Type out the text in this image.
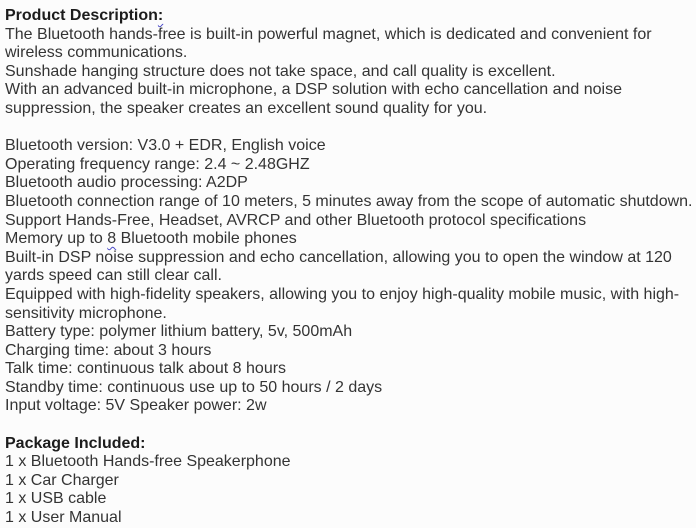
Product Description:
The Bluetooth hands-free is built-in powerful magnet, which is dedicated and convenient for
wireless communications.
Sunshade hanging structure does not take space, and call quality is excellent.
With an advanced built-in microphone, a DSP solution with echo cancellation and noise
suppression, the speaker creates an excellent sound quality for you.
Bluetooth version: V3.0 + EDR, English voice
Operating frequency range: 2.4 ~ 2.48GHZ
Bluetooth audio processing: A2DP
Bluetooth connection range of 10 meters, 5 minutes away from the scope of automatic shutdown.
Support Hands-Free, Headset, AVRCP and other Bluetooth protocol specifications
Memory up to 8 Bluetooth mobile phones
Built-in DSP noise suppression and echo cancellation, allowing you to open the window at 120
yards speed can still clear call.
Equipped with high-fidelity speakers, allowing you to enjoy high-quality mobile music, with high-
sensitivity microphone.
Battery type: polymer lithium battery, 5v, 500mAh
Charging time: about 3 hours
Talk time: continuous talk about 8 hours
Standby time: continuous use up to 50 hours / 2 days
Input voltage: 5V Speaker power: 2w
Package Included:
1 x Bluetooth Hands-free Speakerphone
1 x Car Charger
1 x USB cable
1 x User Manual
